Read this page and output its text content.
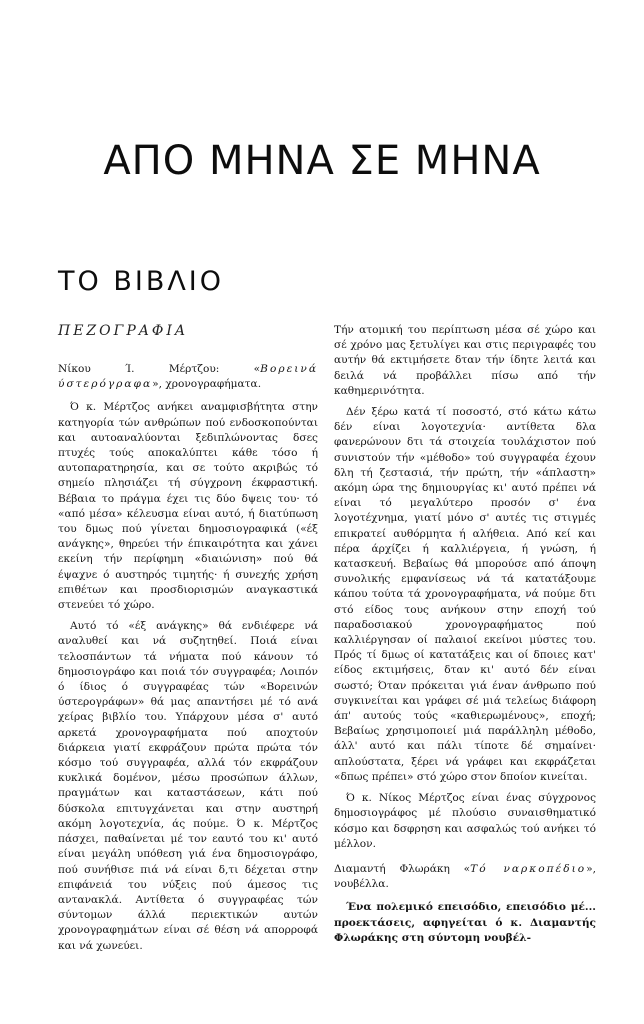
ΑΠΟ ΜΗΝΑ ΣΕ ΜΗΝΑ
ΤΟ ΒΙΒΛΙΟ
ΠΕΖΟΓΡΑΦΙΑ

Νίκου Ί. Μέρτζου: «Βορεινά ύστερόγραφα», χρονογραφήματα.

Ό κ. Μέρτζος ανήκει αναμφισβήτητα στην κατηγορία τών ανθρώπων πού ενδοσκοπούνται και αυτοαναλύονται ξεδιπλώνοντας δσες πτυχές τούς αποκαλύπτει κάθε τόσο ή αυτοπαρατηρησία, και σε τούτο ακριβώς τό σημείο πλησιάζει τή σύγχρονη έκφραστική. Βέβαια το πράγμα έχει τις δύο δψεις του· τό «από μέσα» κέλευσμα είναι αυτό, ή διατύπωση του δμως πού γίνεται δημοσιογραφικά («έξ ανάγκης», θηρεύει τήν έπικαιρότητα και χάνει εκείνη τήν περίφημη «διαιώνιση» πού θά έψαχνε ό αυστηρός τιμητής· ή συνεχής χρήση επιθέτων και προσδιορισμών αναγκαστικά στενεύει τό χώρο.

Αυτό τό «έξ ανάγκης» θά ενδιέφερε νά αναλυθεί και νά συζητηθεί. Ποιά είναι τελοσπάντων τά νήματα πού κάνουν τό δημοσιογράφο και ποιά τόν συγγραφέα; Λοιπόν ό ίδιος ό συγγραφέας τών «Βορεινών ύστερογράφων» θά μας απαντήσει μέ τό ανά χείρας βιβλίο του. Υπάρχουν μέσα σ' αυτό αρκετά χρονογραφήματα πού αποχτούν διάρκεια γιατί εκφράζουν πρώτα πρώτα τόν κόσμο τού συγγραφέα, αλλά τόν εκφράζουν κυκλικά δομένον, μέσω προσώπων άλλων, πραγμάτων και καταστάσεων, κάτι πού δύσκολα επιτυγχάνεται και στην αυστηρή ακόμη λογοτεχνία, άς πούμε. Ό κ. Μέρτζος πάσχει, παθαίνεται μέ τον εαυτό του κι' αυτό είναι μεγάλη υπόθεση γιά ένα δημοσιογράφο, πού συνήθισε πιά νά είναι δ,τι δέχεται στην επιφάνειά του νύξεις πού άμεσος τις αντανακλά. Αντίθετα ό συγγραφέας τών σύντομων άλλά περιεκτικών αυτών χρονογραφημάτων είναι σέ θέση νά απορροφά και νά χωνεύει.

Τήν ατομική του περίπτωση μέσα σέ χώρο και σέ χρόνο μας ξετυλίγει και στις περιγραφές του αυτήν θά εκτιμήσετε δταν τήν ίδητε λειτά και δειλά νά προβάλλει πίσω από τήν καθημερινότητα.

Δέν ξέρω κατά τί ποσοστό, στό κάτω κάτω δέν είναι λογοτεχνία· αντίθετα δλα φανερώνουν δτι τά στοιχεία τουλάχιστον πού συνιστούν τήν «μέθοδο» τού συγγραφέα έχουν δλη τή ζεστασιά, τήν πρώτη, τήν «άπλαστη» ακόμη ώρα της δημιουργίας κι' αυτό πρέπει νά είναι τό μεγαλύτερο προσόν σ' ένα λογοτέχνημα, γιατί μόνο σ' αυτές τις στιγμές επικρατεί αυθόρμητα ή αλήθεια. Από κεί και πέρα άρχίζει ή καλλιέργεια, ή γνώση, ή κατασκευή. Βεβαίως θά μπορούσε από άποψη συνολικής εμφανίσεως νά τά κατατάξουμε κάπου τούτα τά χρονογραφήματα, νά πούμε δτι στό είδος τους ανήκουν στην εποχή τού παραδοσιακού χρονογραφήματος πού καλλιέργησαν οί παλαιοί εκείνοι μύστες του. Πρός τί δμως οί κατατάξεις και οί δποιες κατ' είδος εκτιμήσεις, δταν κι' αυτό δέν είναι σωστό; Όταν πρόκειται γιά έναν άνθρωπο πού συγκινείται και γράφει σέ μιά τελείως διάφορη άπ' αυτούς τούς «καθιερωμένους», εποχή; Βεβαίως χρησιμοποιεί μιά παράλληλη μέθοδο, άλλ' αυτό και πάλι τίποτε δέ σημαίνει· απλούστατα, ξέρει νά γράφει και εκφράζεται «δπως πρέπει» στό χώρο στον δποίον κινείται.

Ό κ. Νίκος Μέρτζος είναι ένας σύγχρονος δημοσιογράφος μέ πλούσιο συναισθηματικό κόσμο και δσφρηση και ασφαλώς τού ανήκει τό μέλλον.

Διαμαντή Φλωράκη «Τό ναρκοπέδιο», νουβέλλα.

Ένα πολεμικό επεισόδιο, επεισόδιο μέ... προεκτάσεις, αφηγείται ό κ. Διαμαντής Φλωράκης στη σύντομη νουβέλ-
